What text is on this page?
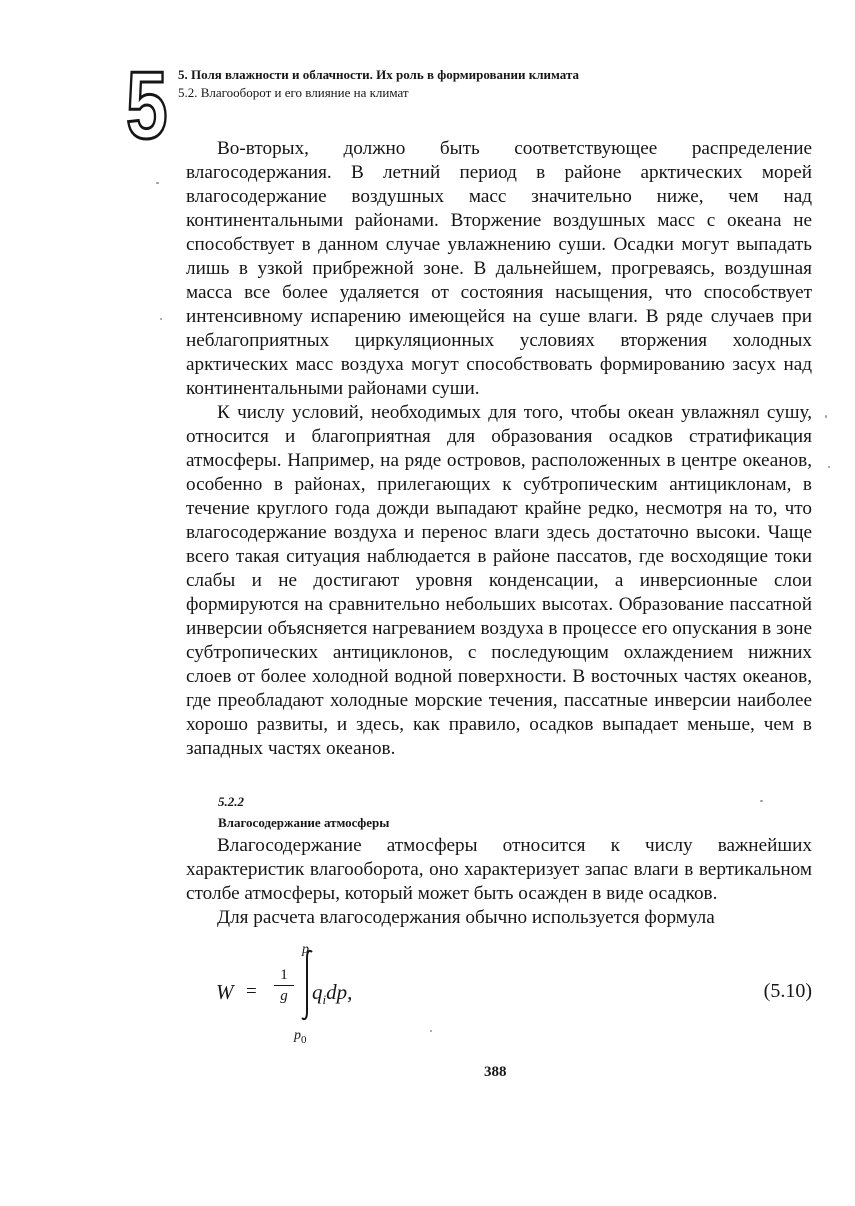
5 5. Поля влажности и облачности. Их роль в формировании климата
5.2. Влагооборот и его влияние на климат

Во-вторых, должно быть соответствующее распределение влагосодержания. В летний период в районе арктических морей влагосодержание воздушных масс значительно ниже, чем над континентальными районами. Вторжение воздушных масс с океана не способствует в данном случае увлажнению суши. Осадки могут выпадать лишь в узкой прибрежной зоне. В дальнейшем, прогреваясь, воздушная масса все более удаляется от состояния насыщения, что способствует интенсивному испарению имеющейся на суше влаги. В ряде случаев при неблагоприятных циркуляционных условиях вторжения холодных арктических масс воздуха могут способствовать формированию засух над континентальными районами суши.

К числу условий, необходимых для того, чтобы океан увлажнял сушу, относится и благоприятная для образования осадков стратификация атмосферы. Например, на ряде островов, расположенных в центре океанов, особенно в районах, прилегающих к субтропическим антициклонам, в течение круглого года дожди выпадают крайне редко, несмотря на то, что влагосодержание воздуха и перенос влаги здесь достаточно высоки. Чаще всего такая ситуация наблюдается в районе пассатов, где восходящие токи слабы и не достигают уровня конденсации, а инверсионные слои формируются на сравнительно небольших высотах. Образование пассатной инверсии объясняется нагреванием воздуха в процессе его опускания в зоне субтропических антициклонов, с последующим охлаждением нижних слоев от более холодной водной поверхности. В восточных частях океанов, где преобладают холодные морские течения, пассатные инверсии наиболее хорошо развиты, и здесь, как правило, осадков выпадает меньше, чем в западных частях океанов.

5.2.2
Влагосодержание атмосферы

Влагосодержание атмосферы относится к числу важнейших характеристик влагооборота, оно характеризует запас влаги в вертикальном столбе атмосферы, который может быть осажден в виде осадков.

Для расчета влагосодержания обычно используется формула

W =
1
g
p
$p_0$
$q_idp$,	(5.10)
388
